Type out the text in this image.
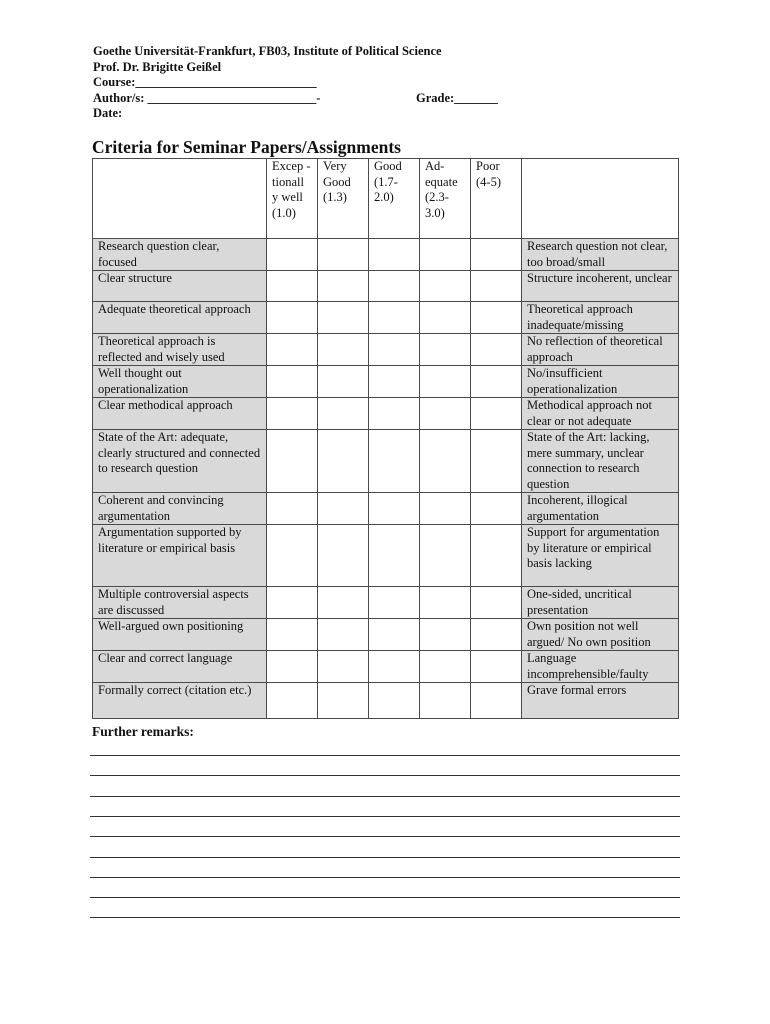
Goethe Universität-Frankfurt, FB03, Institute of Political Science
Prof. Dr. Brigitte Geißel
Course:_____________________________
Author/s: ___________________________-	Grade:_______
Date:
Criteria for Seminar Papers/Assignments
	Excep - tionall y well (1.0)	Very Good (1.3)	Good (1.7- 2.0)	Ad- equate (2.3- 3.0)	Poor (4-5)	
Research question clear, focused						Research question not clear, too broad/small
Clear structure						Structure incoherent, unclear
Adequate theoretical approach						Theoretical approach inadequate/missing
Theoretical approach is reflected and wisely used						No reflection of theoretical approach
Well thought out operationalization						No/insufficient operationalization
Clear methodical approach						Methodical approach not clear or not adequate
State of the Art: adequate, clearly structured and connected to research question						State of the Art: lacking, mere summary, unclear connection to research question
Coherent and convincing argumentation						Incoherent, illogical argumentation
Argumentation supported by literature or empirical basis						Support for argumentation by literature or empirical basis lacking
Multiple controversial aspects are discussed						One-sided, uncritical presentation
Well-argued own positioning						Own position not well argued/ No own position
Clear and correct language						Language incomprehensible/faulty
Formally correct (citation etc.)						Grave formal errors
Further remarks:
